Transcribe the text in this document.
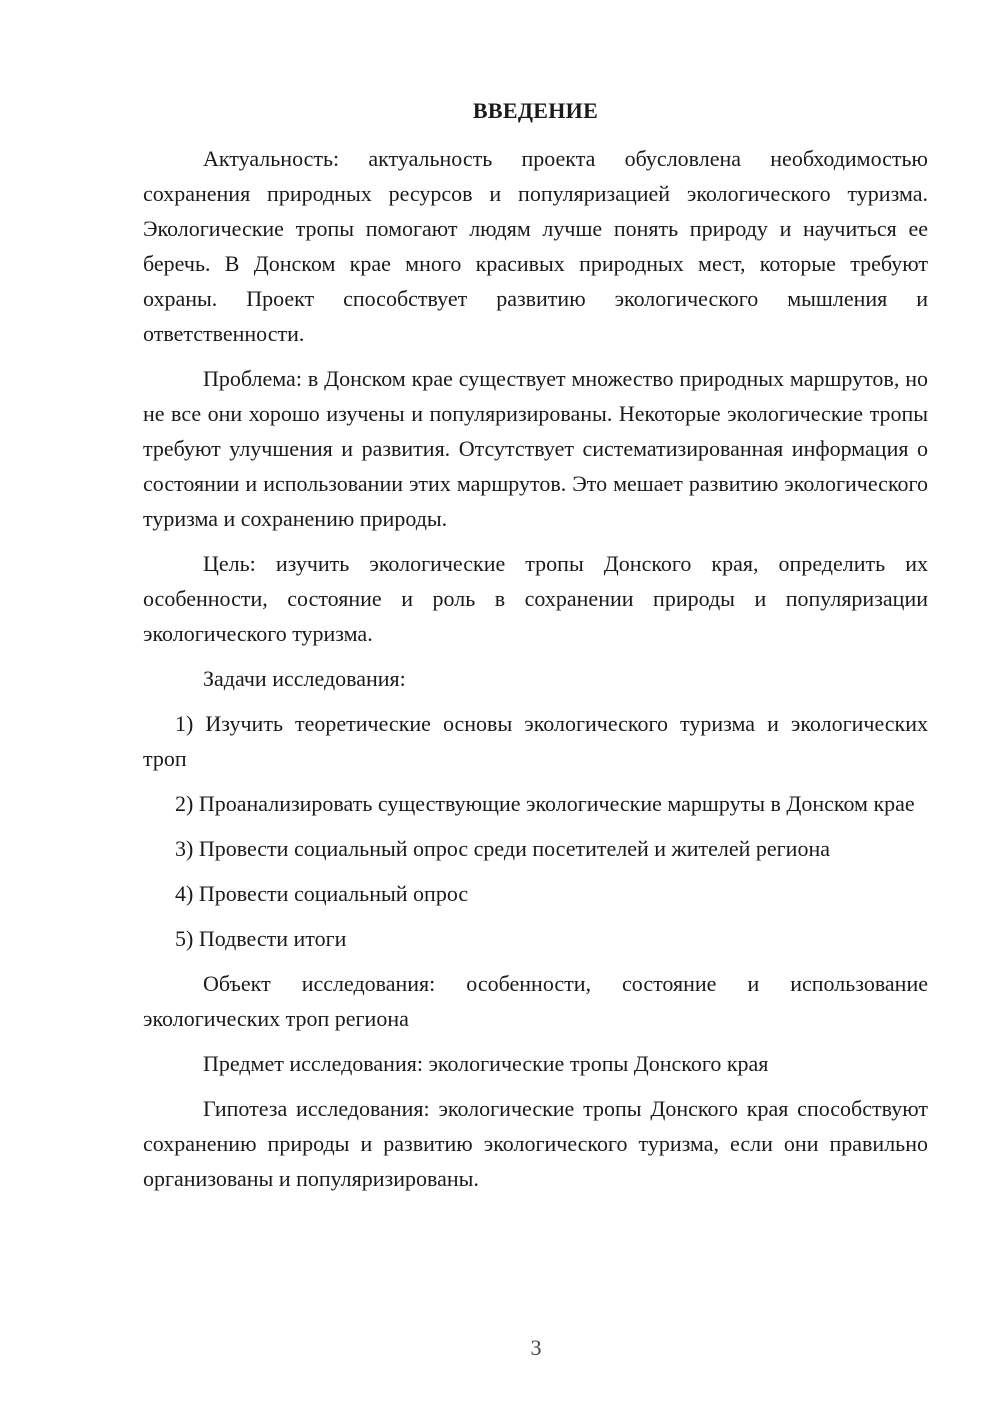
ВВЕДЕНИЕ

Актуальность: актуальность проекта обусловлена необходимостью сохранения природных ресурсов и популяризацией экологического туризма. Экологические тропы помогают людям лучше понять природу и научиться ее беречь. В Донском крае много красивых природных мест, которые требуют охраны. Проект способствует развитию экологического мышления и ответственности.

Проблема: в Донском крае существует множество природных маршрутов, но не все они хорошо изучены и популяризированы. Некоторые экологические тропы требуют улучшения и развития. Отсутствует систематизированная информация о состоянии и использовании этих маршрутов. Это мешает развитию экологического туризма и сохранению природы.

Цель: изучить экологические тропы Донского края, определить их особенности, состояние и роль в сохранении природы и популяризации экологического туризма.

Задачи исследования:

1) Изучить теоретические основы экологического туризма и экологических троп

2) Проанализировать существующие экологические маршруты в Донском крае

3) Провести социальный опрос среди посетителей и жителей региона

4) Провести социальный опрос

5) Подвести итоги

Объект исследования: особенности, состояние и использование экологических троп региона

Предмет исследования: экологические тропы Донского края

Гипотеза исследования: экологические тропы Донского края способствуют сохранению природы и развитию экологического туризма, если они правильно организованы и популяризированы.

3
